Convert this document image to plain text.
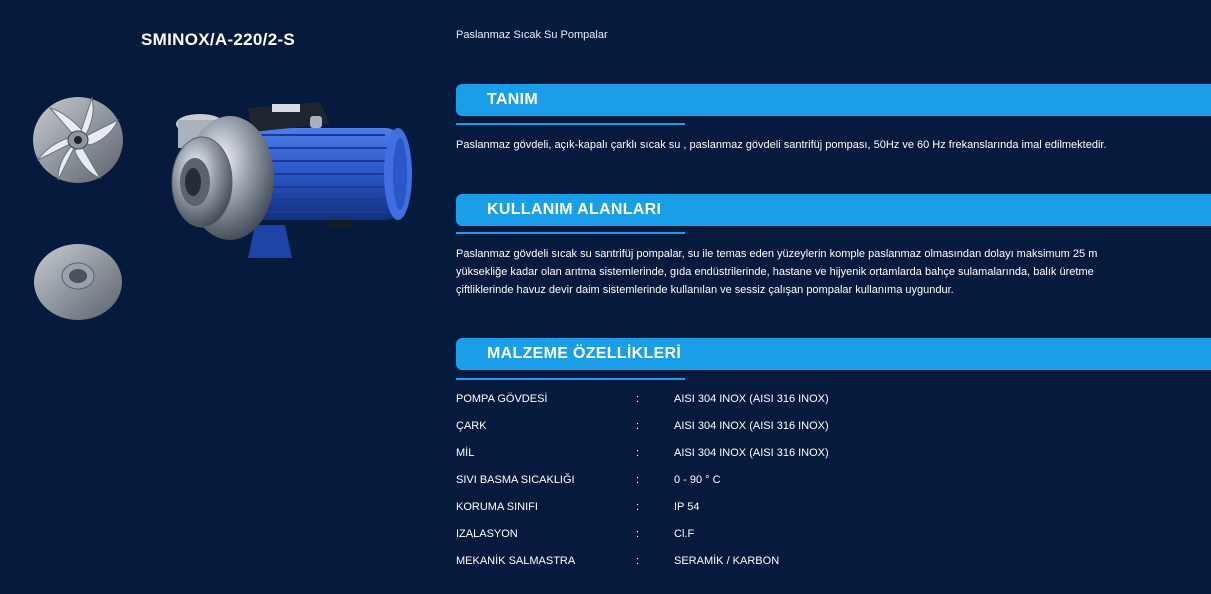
SMINOX/A-220/2-S	Paslanmaz Sıcak Su Pompalar
TANIM
Paslanmaz gövdeli, açık-kapalı çarklı sıcak su , paslanmaz gövdeli santrifüj pompası, 50Hz ve 60 Hz frekanslarında imal edilmektedir.
KULLANIM ALANLARI
Paslanmaz gövdeli sıcak su santrifüj pompalar, su ile temas eden yüzeylerin komple paslanmaz olmasından dolayı maksimum 25 m
yüksekliğe kadar olan arıtma sistemlerinde, gıda endüstrilerinde, hastane ve hijyenik ortamlarda bahçe sulamalarında, balık üretme
çiftliklerinde havuz devir daim sistemlerinde kullanılan ve sessiz çalışan pompalar kullanıma uygundur.
MALZEME ÖZELLİKLERİ
POMPA GÖVDESİ	:	AISI 304 INOX (AISI 316 INOX)
ÇARK	:	AISI 304 INOX (AISI 316 INOX)
MİL	:	AISI 304 INOX (AISI 316 INOX)
SIVI BASMA SICAKLIĞI	:	0 - 90 ° C
KORUMA SINIFI	:	IP 54
IZALASYON	:	Cl.F
MEKANİK SALMASTRA	:	SERAMİK / KARBON
